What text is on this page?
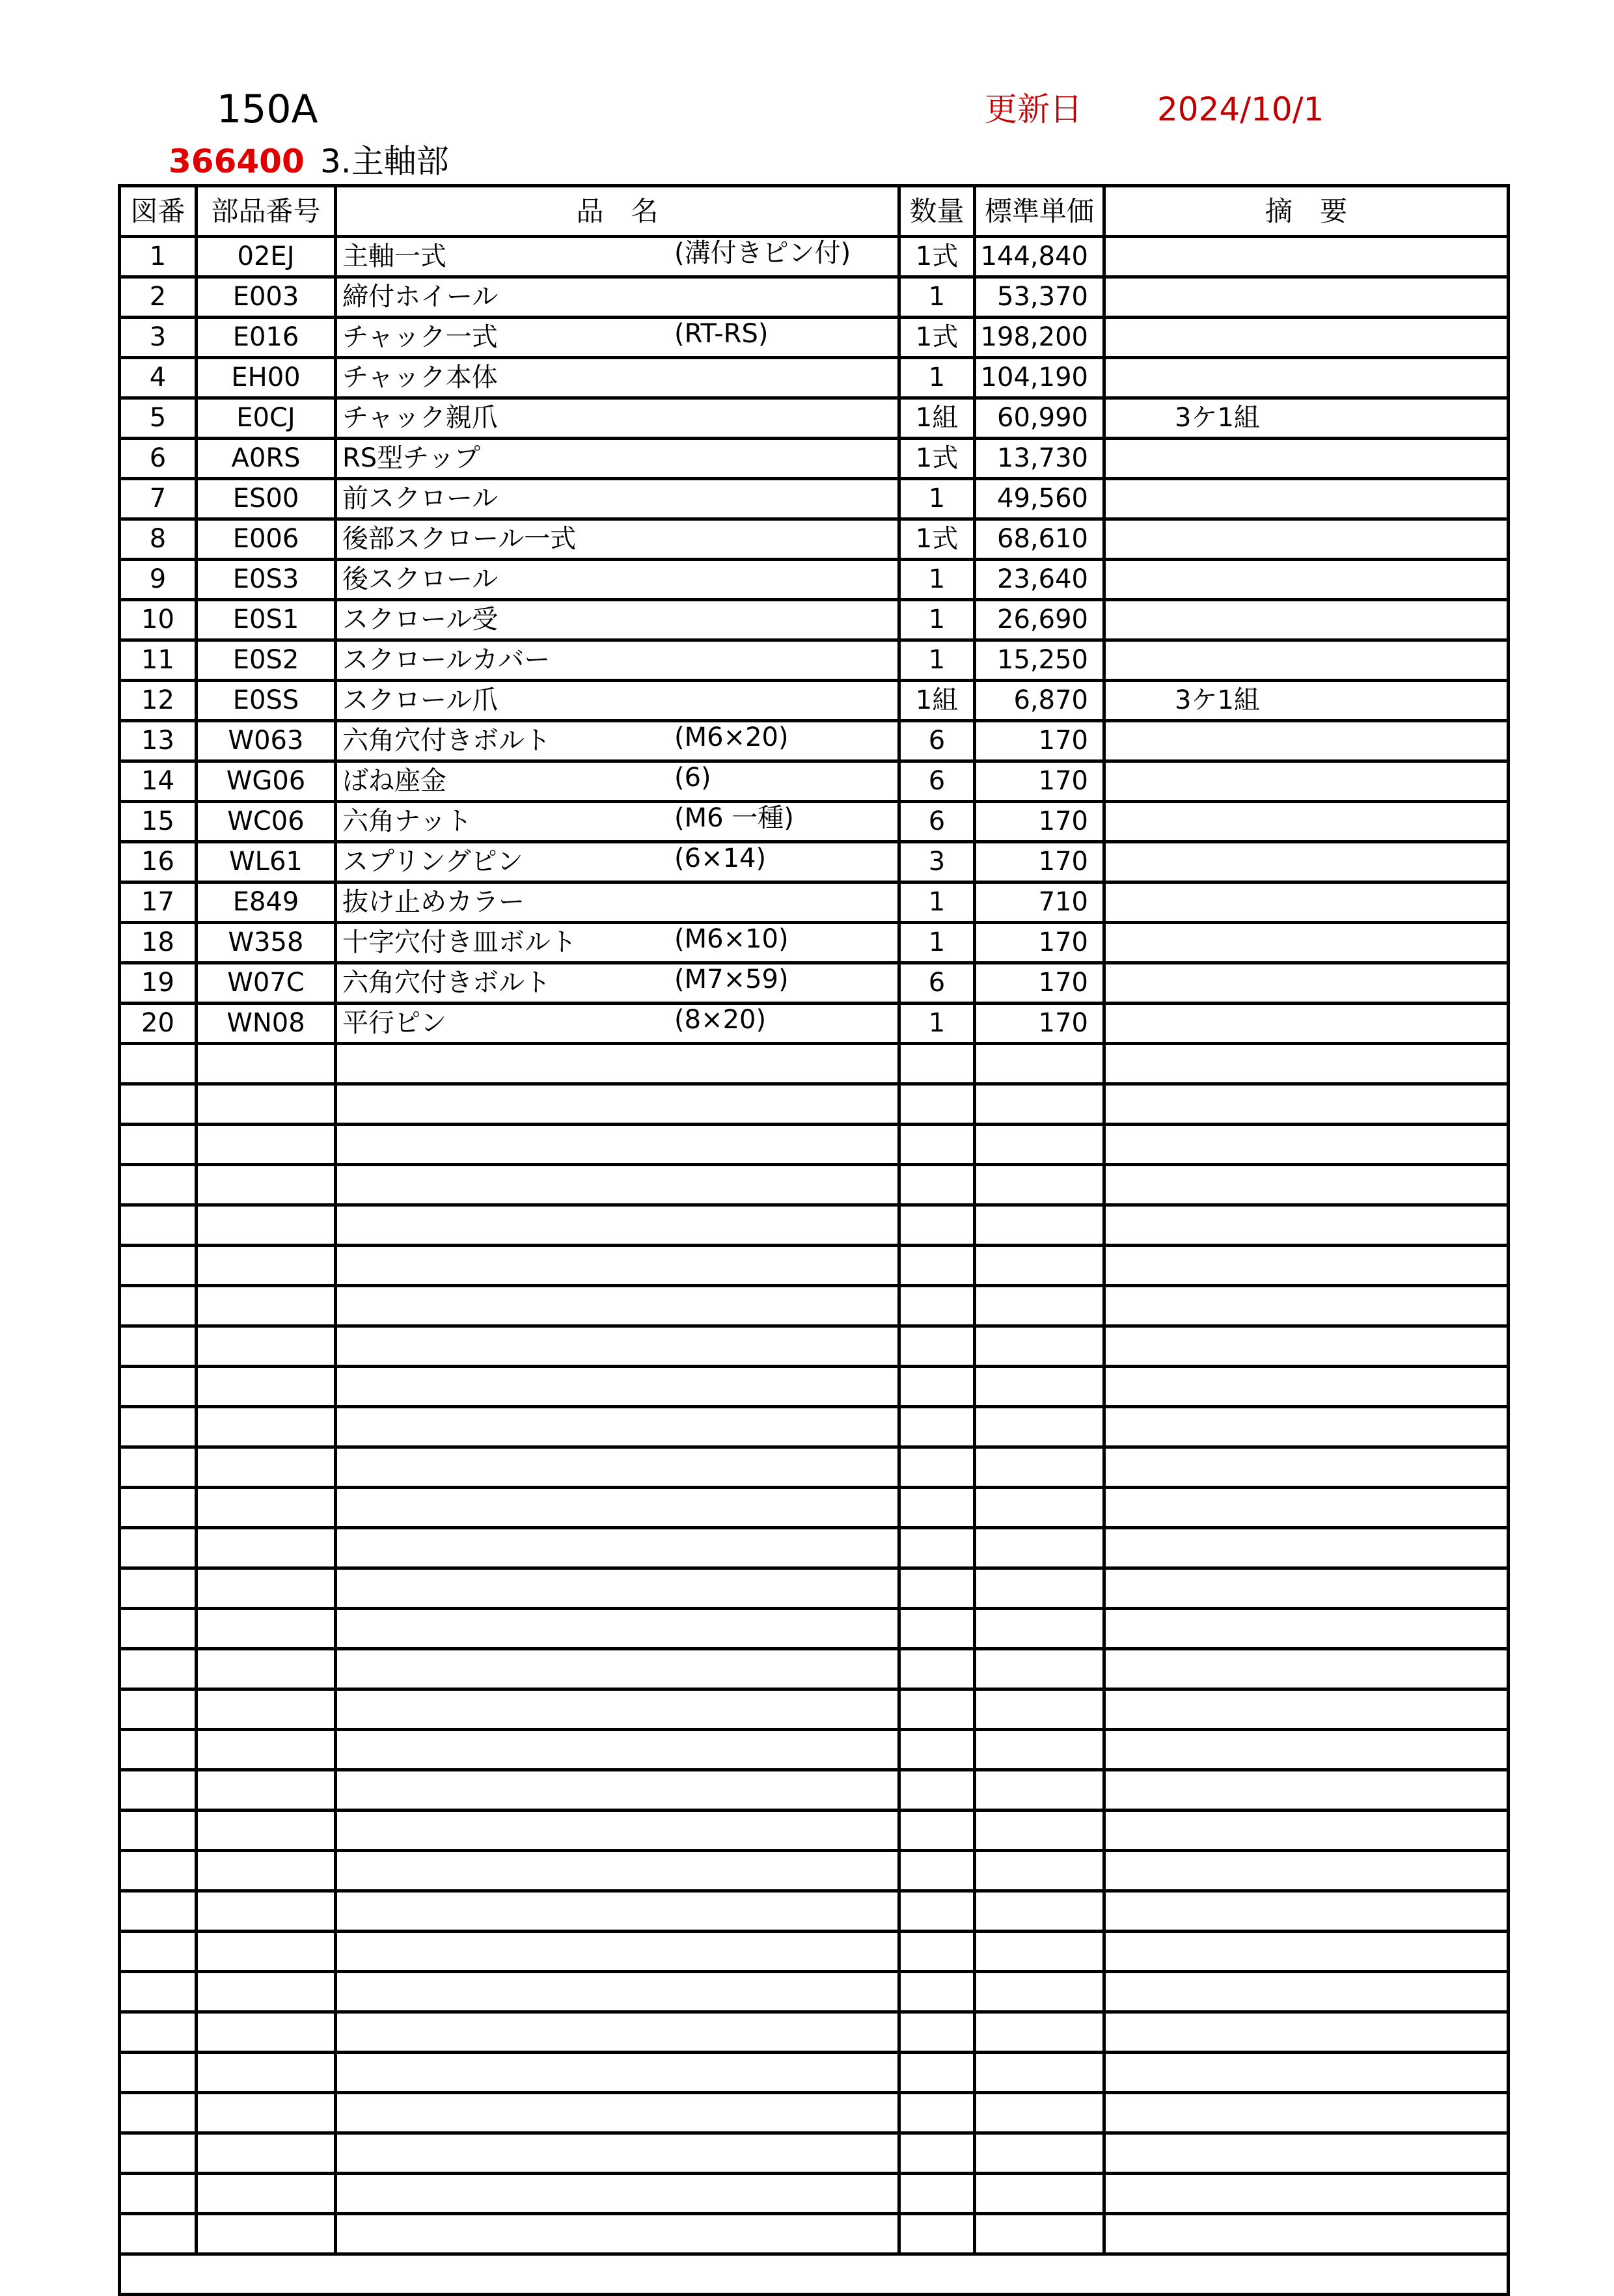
150A	更新日 2024/10/1
366400 3.主軸部
図番	部品番号	品　名	数量	標準単価	摘　要
1	02EJ	主軸一式 (溝付きピン付)	1式	144,840	
2	E003	締付ホイール	1	53,370	
3	E016	チャック一式 (RT-RS)	1式	198,200	
4	EH00	チャック本体	1	104,190	
5	E0CJ	チャック親爪	1組	60,990	3ケ1組
6	A0RS	RS型チップ	1式	13,730	
7	ES00	前スクロール	1	49,560	
8	E006	後部スクロール一式	1式	68,610	
9	E0S3	後スクロール	1	23,640	
10	E0S1	スクロール受	1	26,690	
11	E0S2	スクロールカバー	1	15,250	
12	E0SS	スクロール爪	1組	6,870	3ケ1組
13	W063	六角穴付きボルト (M6×20)	6	170	
14	WG06	ばね座金 (6)	6	170	
15	WC06	六角ナット (M6 一種)	6	170	
16	WL61	スプリングピン (6×14)	3	170	
17	E849	抜け止めカラー	1	710	
18	W358	十字穴付き皿ボルト (M6×10)	1	170	
19	W07C	六角穴付きボルト (M7×59)	6	170	
20	WN08	平行ピン (8×20)	1	170	
